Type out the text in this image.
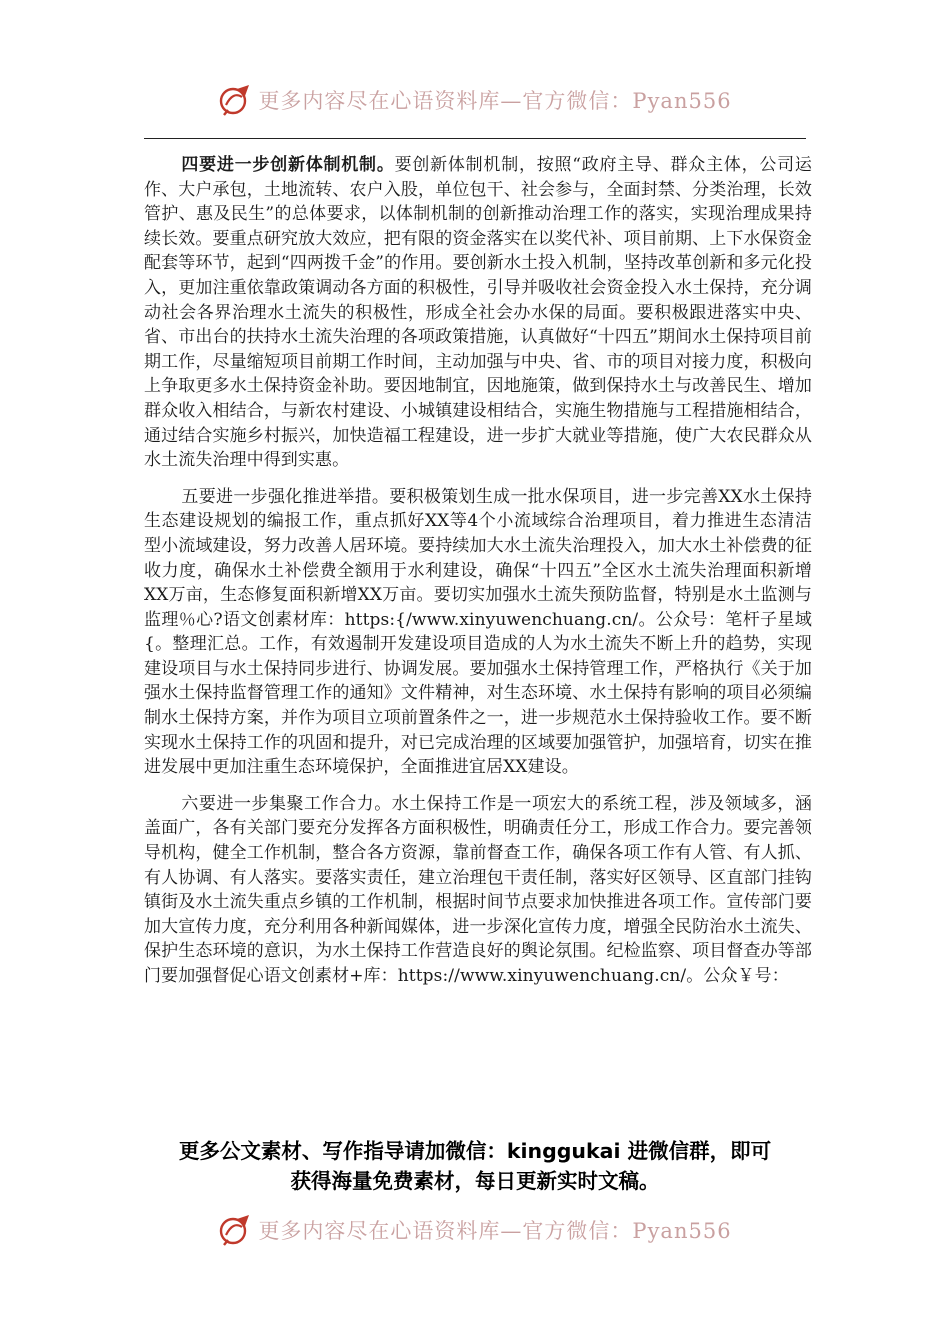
更多内容尽在心语资料库—官方微信：Pyan556

四要进一步创新体制机制。要创新体制机制，按照“政府主导、群众主体，公司运作、大户承包，土地流转、农户入股，单位包干、社会参与，全面封禁、分类治理，长效管护、惠及民生”的总体要求，以体制机制的创新推动治理工作的落实，实现治理成果持续长效。要重点研究放大效应，把有限的资金落实在以奖代补、项目前期、上下水保资金配套等环节，起到“四两拨千金”的作用。要创新水土投入机制，坚持改革创新和多元化投入，更加注重依靠政策调动各方面的积极性，引导并吸收社会资金投入水土保持，充分调动社会各界治理水土流失的积极性，形成全社会办水保的局面。要积极跟进落实中央、省、市出台的扶持水土流失治理的各项政策措施，认真做好“十四五”期间水土保持项目前期工作，尽量缩短项目前期工作时间，主动加强与中央、省、市的项目对接力度，积极向上争取更多水土保持资金补助。要因地制宜，因地施策，做到保持水土与改善民生、增加群众收入相结合，与新农村建设、小城镇建设相结合，实施生物措施与工程措施相结合，通过结合实施乡村振兴，加快造福工程建设，进一步扩大就业等措施，使广大农民群众从水土流失治理中得到实惠。

五要进一步强化推进举措。要积极策划生成一批水保项目，进一步完善XX水土保持生态建设规划的编报工作，重点抓好XX等4个小流域综合治理项目，着力推进生态清洁型小流域建设，努力改善人居环境。要持续加大水土流失治理投入，加大水土补偿费的征收力度，确保水土补偿费全额用于水利建设，确保“十四五”全区水土流失治理面积新增XX万亩，生态修复面积新增XX万亩。要切实加强水土流失预防监督，特别是水土监测与监理％心?语文创素材库：https:{/www.xinyuwenchuang.cn/。公众号：笔杆子星域{。整理汇总。工作，有效遏制开发建设项目造成的人为水土流失不断上升的趋势，实现建设项目与水土保持同步进行、协调发展。要加强水土保持管理工作，严格执行《关于加强水土保持监督管理工作的通知》文件精神，对生态环境、水土保持有影响的项目必须编制水土保持方案，并作为项目立项前置条件之一，进一步规范水土保持验收工作。要不断实现水土保持工作的巩固和提升，对已完成治理的区域要加强管护，加强培育，切实在推进发展中更加注重生态环境保护，全面推进宜居XX建设。

六要进一步集聚工作合力。水土保持工作是一项宏大的系统工程，涉及领域多，涵盖面广，各有关部门要充分发挥各方面积极性，明确责任分工，形成工作合力。要完善领导机构，健全工作机制，整合各方资源，靠前督查工作，确保各项工作有人管、有人抓、有人协调、有人落实。要落实责任，建立治理包干责任制，落实好区领导、区直部门挂钩镇街及水土流失重点乡镇的工作机制，根据时间节点要求加快推进各项工作。宣传部门要加大宣传力度，充分利用各种新闻媒体，进一步深化宣传力度，增强全民防治水土流失、保护生态环境的意识，为水土保持工作营造良好的舆论氛围。纪检监察、项目督查办等部门要加强督促心语文创素材+库：https://www.xinyuwenchuang.cn/。公众￥号：

更多公文素材、写作指导请加微信：kinggukai 进微信群，即可
获得海量免费素材，每日更新实时文稿。
更多内容尽在心语资料库—官方微信：Pyan556
